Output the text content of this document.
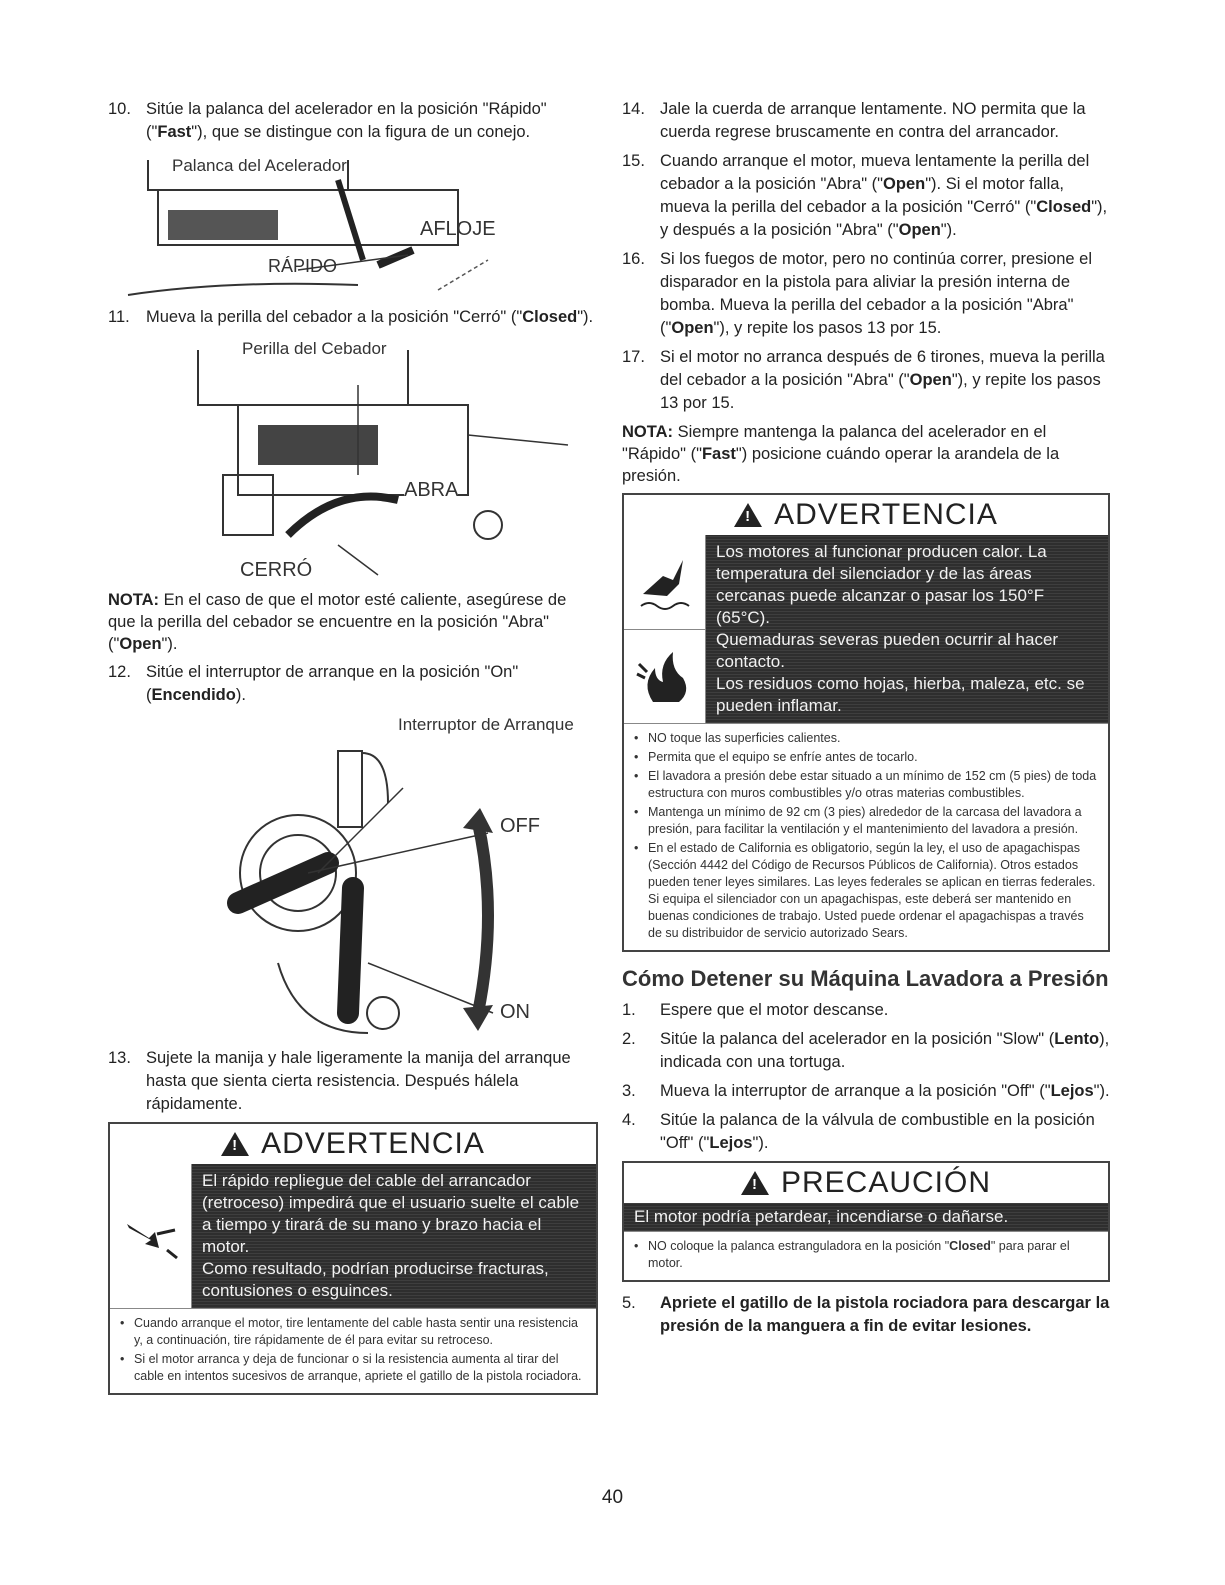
10. Sitúe la palanca del acelerador en la posición "Rápido" ("Fast"), que se distingue con la figura de un conejo.
Palanca del Acelerador
AFLOJE
RÁPIDO
11. Mueva la perilla del cebador a la posición "Cerró" ("Closed").
Perilla del Cebador
ABRA
CERRÓ

NOTA: En el caso de que el motor esté caliente, asegúrese de que la perilla del cebador se encuentre en la posición "Abra" ("Open").

12. Sitúe el interruptor de arranque en la posición "On" (Encendido).
Interruptor de Arranque
OFF
ON
13. Sujete la manija y hale ligeramente la manija del arranque hasta que sienta cierta resistencia. Después hálela rápidamente.
!
ADVERTENCIA

El rápido repliegue del cable del arrancador (retroceso) impedirá que el usuario suelte el cable a tiempo y tirará de su mano y brazo hacia el motor.

Como resultado, podrían producirse fracturas, contusiones o esguinces.

• Cuando arranque el motor, tire lentamente del cable hasta sentir una resistencia y, a continuación, tire rápidamente de él para evitar su retroceso.
• Si el motor arranca y deja de funcionar o si la resistencia aumenta al tirar del cable en intentos sucesivos de arranque, apriete el gatillo de la pistola rociadora.
14. Jale la cuerda de arranque lentamente. NO permita que la cuerda regrese bruscamente en contra del arrancador.
15. Cuando arranque el motor, mueva lentamente la perilla del cebador a la posición "Abra" ("Open"). Si el motor falla, mueva la perilla del cebador a la posición "Cerró" ("Closed"), y después a la posición "Abra" ("Open").
16. Si los fuegos de motor, pero no continúa correr, presione el disparador en la pistola para aliviar la presión interna de bomba. Mueva la perilla del cebador a la posición "Abra" ("Open"), y repite los pasos 13 por 15.
17. Si el motor no arranca después de 6 tirones, mueva la perilla del cebador a la posición "Abra" ("Open"), y repite los pasos 13 por 15.

NOTA: Siempre mantenga la palanca del acelerador en el "Rápido" ("Fast") posicione cuándo operar la arandela de la presión.

!
ADVERTENCIA

Los motores al funcionar producen calor. La temperatura del silenciador y de las áreas cercanas puede alcanzar o pasar los 150°F (65°C).

Quemaduras severas pueden ocurrir al hacer contacto.

Los residuos como hojas, hierba, maleza, etc. se pueden inflamar.

• NO toque las superficies calientes.
• Permita que el equipo se enfríe antes de tocarlo.
• El lavadora a presión debe estar situado a un mínimo de 152 cm (5 pies) de toda estructura con muros combustibles y/o otras materias combustibles.
• Mantenga un mínimo de 92 cm (3 pies) alrededor de la carcasa del lavadora a presión, para facilitar la ventilación y el mantenimiento del lavadora a presión.
• En el estado de California es obligatorio, según la ley, el uso de apagachispas (Sección 4442 del Código de Recursos Públicos de California). Otros estados pueden tener leyes similares. Las leyes federales se aplican en tierras federales. Si equipa el silenciador con un apagachispas, este deberá ser mantenido en buenas condiciones de trabajo. Usted puede ordenar el apagachispas a través de su distribuidor de servicio autorizado Sears.
Cómo Detener su Máquina Lavadora a Presión
1.	Espere que el motor descanse.
2.	Sitúe la palanca del acelerador en la posición "Slow" (Lento), indicada con una tortuga.
3.	Mueva la interruptor de arranque a la posición "Off" ("Lejos").
4.	Sitúe la palanca de la válvula de combustible en la posición "Off" ("Lejos").
!
PRECAUCIÓN

El motor podría petardear, incendiarse o dañarse.

• NO coloque la palanca estranguladora en la posición "Closed" para parar el motor.
5.	Apriete el gatillo de la pistola rociadora para descargar la presión de la manguera a fin de evitar lesiones.
40
